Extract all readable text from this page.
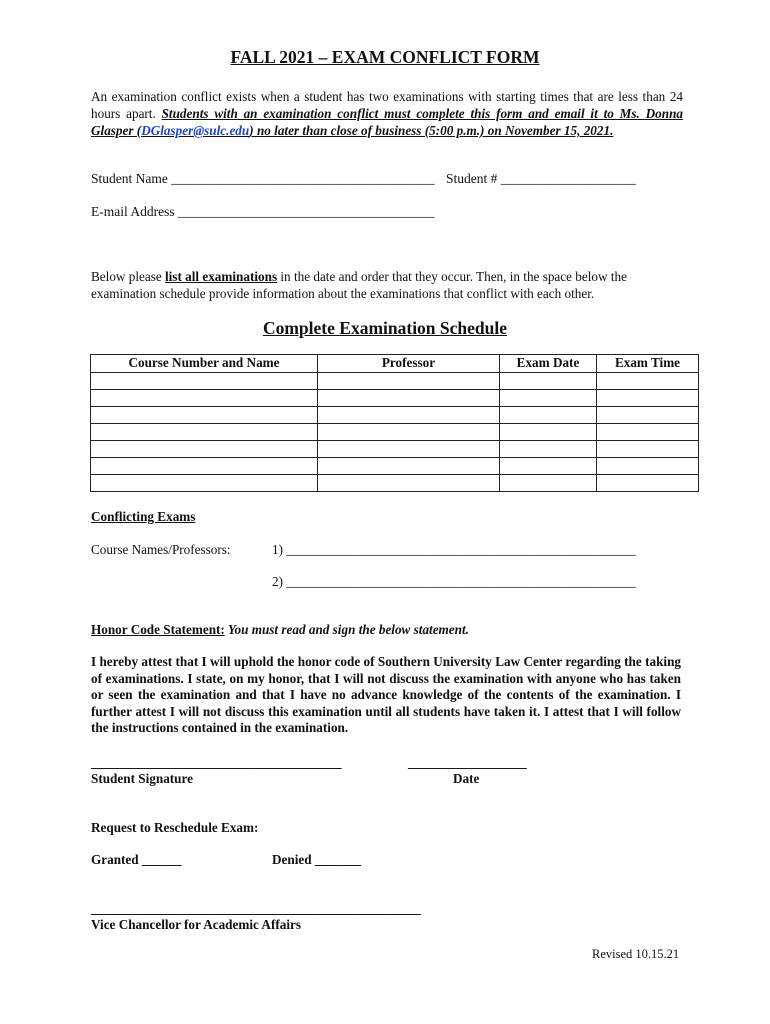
FALL 2021 – EXAM CONFLICT FORM
An examination conflict exists when a student has two examinations with starting times that are less than 24 hours apart. Students with an examination conflict must complete this form and email it to Ms. Donna Glasper (DGlasper@sulc.edu) no later than close of business (5:00 p.m.) on November 15, 2021.
Student Name _______________________________________ Student # ____________________
E-mail Address ______________________________________
Below please list all examinations in the date and order that they occur. Then, in the space below the examination schedule provide information about the examinations that conflict with each other.
Complete Examination Schedule
Course Number and Name	Professor	Exam Date	Exam Time

Conflicting Exams
Course Names/Professors:	1) _____________________________________________________
2) _____________________________________________________
Honor Code Statement: You must read and sign the below statement.
I hereby attest that I will uphold the honor code of Southern University Law Center regarding the taking of examinations. I state, on my honor, that I will not discuss the examination with anyone who has taken or seen the examination and that I have no advance knowledge of the contents of the examination. I further attest I will not discuss this examination until all students have taken it. I attest that I will follow the instructions contained in the examination.
______________________________________
Student Signature
__________________
Date
Request to Reschedule Exam:
Granted ______	Denied _______
__________________________________________________
Vice Chancellor for Academic Affairs
Revised 10.15.21
